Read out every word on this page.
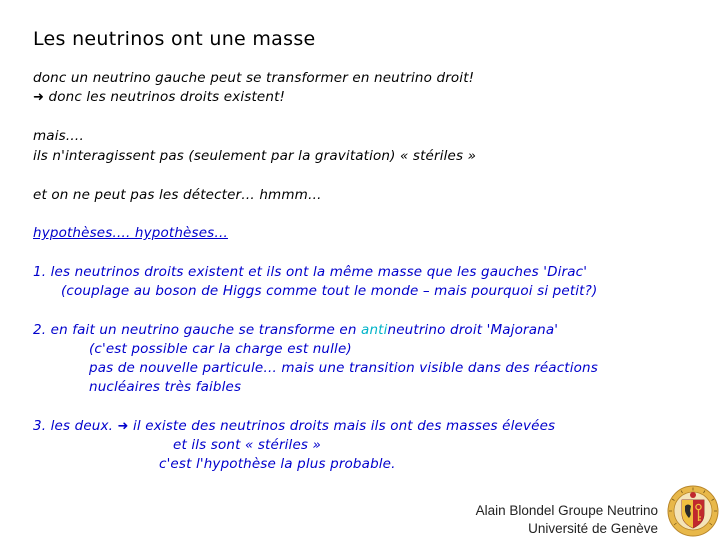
Les neutrinos ont une masse
donc un neutrino gauche peut se transformer en neutrino droit!
➜ donc les neutrinos droits existent!
mais….
ils n'interagissent pas (seulement par la gravitation) « stériles »
et on ne peut pas les détecter… hmmm…
hypothèses…. hypothèses…
1. les neutrinos droits existent et ils ont la même masse que les gauches 'Dirac'
(couplage au boson de Higgs comme tout le monde – mais pourquoi si petit?)
2. en fait un neutrino gauche se transforme en antineutrino droit 'Majorana'
(c'est possible car la charge est nulle)
pas de nouvelle particule… mais une transition visible dans des réactions
nucléaires très faibles
3. les deux. ➜ il existe des neutrinos droits mais ils ont des masses élevées
et ils sont « stériles »
c'est l'hypothèse la plus probable.
Alain Blondel Groupe Neutrino
Université de Genève
